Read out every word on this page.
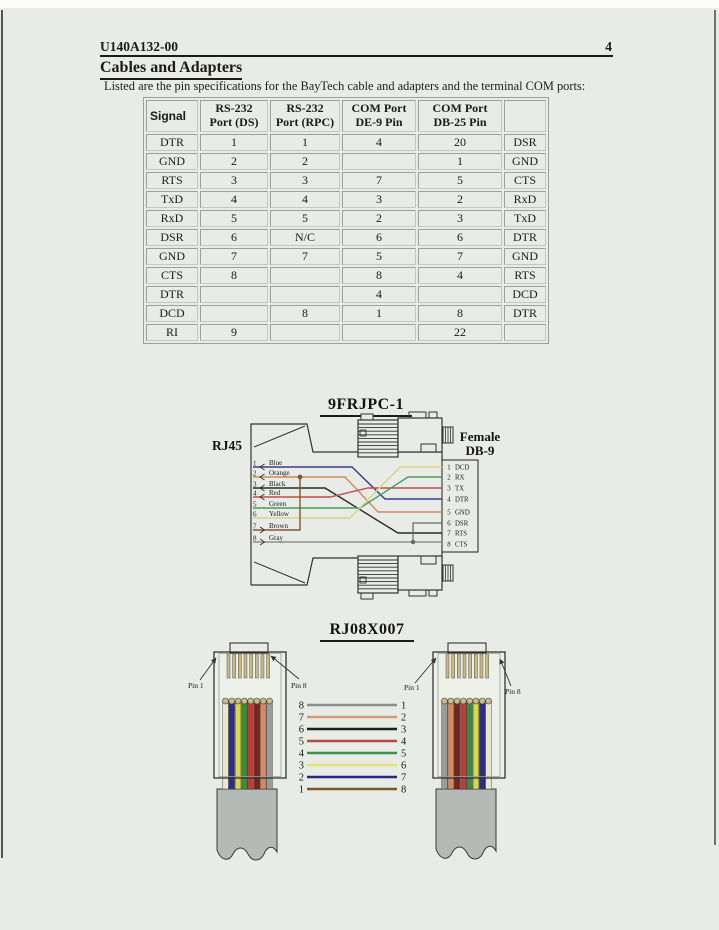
U140A132-00	4
Cables and Adapters
Listed are the pin specifications for the BayTech cable and adapters and the terminal COM ports:
Signal	RS-232 Port (DS)	RS-232 Port (RPC)	COM Port DE-9 Pin	COM Port DB-25 Pin	
DTR	1	1	4	20	DSR
GND	2	2		1	GND
RTS	3	3	7	5	CTS
TxD	4	4	3	2	RxD
RxD	5	5	2	3	TxD
DSR	6	N/C	6	6	DTR
GND	7	7	5	7	GND
CTS	8		8	4	RTS
DTR			4		DCD
DCD		8	1	8	DTR
RI	9			22	
9FRJPC-1
RJ45
Female
DB-9
1 Blue
2 Orange
3 Black
4 Red
5 Green
6 Yellow
7 Brown
8 Gray
1 DCD
2 RX
3 TX
4 DTR
5 GND
6 DSR
7 RTS
8 CTS
RJ08X007
Pin 1	Pin 8	Pin 1	Pin 8
8	1
7	2
6	3
5	4
4	5
3	6
2	7
1	8
